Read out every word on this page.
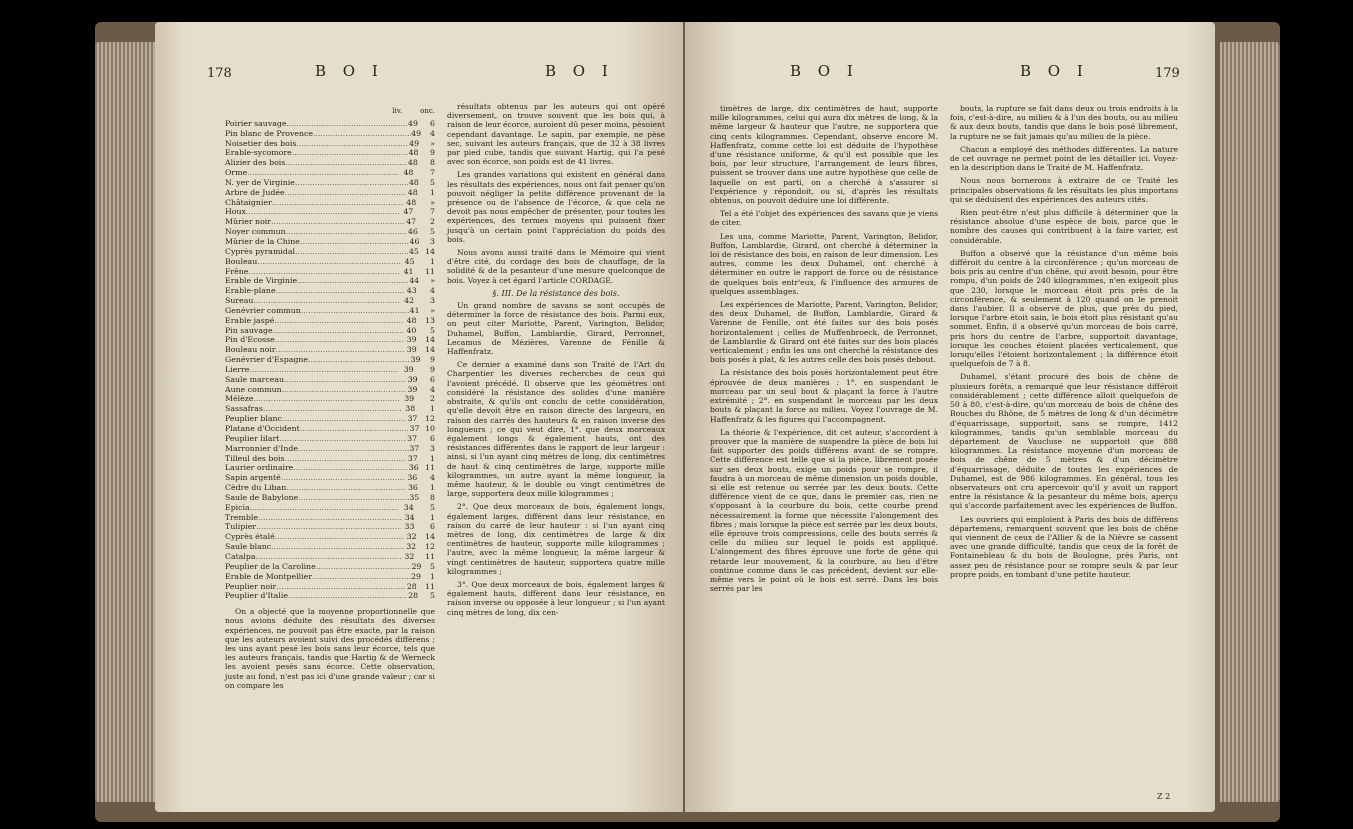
178	B O I	B O I
liv.	onc.
Poirier sauvage .....	49	6
Pin blanc de Provence .....	49	4
Noisetier des bois .....	49	»
Erable-sycomore .....	48	9
Alizier des bois .....	48	8
Orme .....	48	7
N. yer de Virginie .....	48	5
Arbre de Judée .....	48	1
Châtaignier .....	48	»
Houx .....	47	7
Mûrier noir .....	47	2
Noyer commun .....	46	5
Mûrier de la Chine .....	46	3
Cyprès pyramidal .....	45 14
Bouleau .....	45	1
Frêne .....	41	11
Erable de Virginie .....	44	»
Erable-plane .....	43	4
Sureau .....	42	3
Genévrier commun .....	41	»
Erable jaspé .....	48	13
Pin sauvage .....	40	5
Pin d'Ecosse .....	39	14
Bouleau noir .....	39	14
Genévrier d'Espagne .....	39	9
Lierre .....	39	9
Saule marceau .....	39	6
Aune commun .....	39	4
Mélèze .....	39	2
Sassafras .....	38	1
Peuplier blanc .....	37 12
Platane d'Occident .....	37 10
Peuplier lilart .....	37	6
Marronnier d'Inde .....	37	3
Tilleul des bois .....	37	1
Laurier ordinaire .....	36 11
Sapin argenté .....	36	4
Cèdre du Liban .....	36	1
Saule de Babylone .....	35	8
Epicia .....	34	5
Tremble .....	34	1
Tulipier .....	33	6
Cyprès étalé .....	32	14
Saule blanc .....	32	12
Catalpa .....	32	11
Peuplier de la Caroline .....	29	5
Erable de Montpellier .....	29	1
Peuplier noir .....	28	11
Peuplier d'Italie .....	28	5

On a objecté que la moyenne proportionnelle que nous avions déduite des résultats des diverses expériences, ne pouvoit pas être exacte, par la raison que les auteurs avoient suivi des procédés différens ; les uns ayant pesé les bois sans leur écorce, tels que les auteurs français, tandis que Hartig & de Werneck les avoient pesés sans écorce. Cette observation, juste au fond, n'est pas ici d'une grande valeur ; car si on compare les

résultats obtenus par les auteurs qui ont opéré diversement, on trouve souvent que les bois qui, à raison de leur écorce, auroient dû peser moins, pèsoient cependant davantage. Le sapin, par exemple, ne pèse sec, suivant les auteurs français, que de 32 à 38 livres par pied cube, tandis que suivant Hartig, qui l'a pesé avec son écorce, son poids est de 41 livres.

Les grandes variations qui existent en général dans les résultats des expériences, nous ont fait penser qu'on pouvoit négliger la petite différence provenant de la présence ou de l'absence de l'écorce, & que cela ne devoit pas nous empêcher de présenter, pour toutes les expériences, des termes moyens qui puissent fixer jusqu'à un certain point l'appréciation du poids des bois.

Nous avons aussi traité dans le Mémoire qui vient d'être cité, du cordage des bois de chauffage, de la solidité & de la pesanteur d'une mesure quelconque de bois. Voyez à cet égard l'article CORDAGE.

§. III. De la résistance des bois.

Un grand nombre de savans se sont occupés de déterminer la force de résistance des bois. Parmi eux, on peut citer Mariotte, Parent, Varington, Belidor, Duhamel, Buffon, Lamblardie, Girard, Perronnet, Lecamus de Mézières, Varenne de Fénille & Haffenfratz.

Ce dernier a examiné dans son Traité de l'Art du Charpentier les diverses recherches de ceux qui l'avoient précédé. Il observe que les géomètres ont considéré la résistance des solides d'une manière abstraite, & qu'ils ont conclu de cette considération, qu'elle devoit être en raison directe des largeurs, en raison des carrés des hauteurs & en raison inverse des longueurs ; ce qui veut dire, 1°. que deux morceaux également longs & également hauts, ont des résistances différentes dans le rapport de leur largeur : ainsi, si l'un ayant cinq mètres de long, dix centimètres de haut & cinq centimètres de large, supporte mille kilogrammes, un autre ayant la même longueur, la même hauteur, & le double ou vingt centimètres de large, supportera deux mille kilogrammes ;

2°. Que deux morceaux de bois, également longs, également larges, différent dans leur résistance, en raison du carré de leur hauteur : si l'un ayant cinq mètres de long, dix centimètres de large & dix centimètres de hauteur, supporte mille kilogrammes ; l'autre, avec la même longueur, la même largeur & vingt centimètres de hauteur, supportera quatre mille kilogrammes ;

3°. Que deux morceaux de bois, également larges & également hauts, diffèrent dans leur résistance, en raison inverse ou opposée à leur longueur ; si l'un ayant cinq mètres de long, dix cen-

B O I	B O I	179

timètres de large, dix centimètres de haut, supporte mille kilogrammes, celui qui aura dix mètres de long, & la même largeur & hauteur que l'autre, ne supportera que cinq cents kilogrammes. Cependant, observe encore M. Haffenfratz, comme cette loi est déduite de l'hypothèse d'une résistance uniforme, & qu'il est possible que les bois, par leur structure, l'arrangement de leurs fibres, puissent se trouver dans une autre hypothèse que celle de laquelle on est parti, on a cherché à s'assurer si l'expérience y répondoit, ou si, d'après les résultats obtenus, on pouvoit déduire une loi différente.

Tel a été l'objet des expériences des savans que je viens de citer.

Les uns, comme Mariotte, Parent, Varington, Belidor, Buffon, Lamblardie, Girard, ont cherché à déterminer la loi de résistance des bois, en raison de leur dimension. Les autres, comme les deux Duhamel, ont cherché à déterminer en outre le rapport de force ou de résistance de quelques bois entr'eux, & l'influence des armures de quelques assemblages.

Les expériences de Mariotte, Parent, Varington, Belidor, des deux Duhamel, de Buffon, Lamblardie, Girard & Varenne de Fenille, ont été faites sur des bois posés horizontalement ; celles de Muffenbroeck, de Perronnet, de Lamblardie & Girard ont été faites sur des bois placés verticalement ; enfin les uns ont cherché la résistance des bois posés à plat, & les autres celle des bois posés debout.

La résistance des bois posés horizontalement peut être éprouvée de deux manières : 1°. en suspendant le morceau par un seul bout & plaçant la force à l'autre extrémité ; 2°. en suspendant le morceau par les deux bouts & plaçant la force au milieu. Voyez l'ouvrage de M. Haffenfratz & les figures qui l'accompagnent.

La théorie & l'expérience, dit cet auteur, s'accordent à prouver que la manière de suspendre la pièce de bois lui fait supporter des poids différens avant de se rompre. Cette différence est telle que si la pièce, librement posée sur ses deux bouts, exige un poids pour se rompre, il faudra à un morceau de même dimension un poids double, si elle est retenue ou serrée par les deux bouts. Cette différence vient de ce que, dans le premier cas, rien ne s'opposant à la courbure du bois, cette courbe prend nécessairement la forme que nécessite l'alongement des fibres ; mais lorsque la pièce est serrée par les deux bouts, elle éprouve trois compressions, celle des bouts serrés & celle du milieu sur lequel le poids est appliqué. L'alongement des fibres éprouve une forte de gêne qui retarde leur mouvement, & la courbure, au lieu d'être continue comme dans le cas précédent, devient sur elle-même vers le point où le bois est serré. Dans les bois serrés par les

bouts, la rupture se fait dans deux ou trois endroits à la fois, c'est-à-dire, au milieu & à l'un des bouts, ou au milieu & aux deux bouts, tandis que dans le bois posé librement, la rupture ne se fait jamais qu'au milieu de la pièce.

Chacun a employé des méthodes différentes. La nature de cet ouvrage ne permet point de les détailler ici. Voyez-en la description dans le Traité de M. Haffenfratz.

Nous nous bornerons à extraire de ce Traité les principales observations & les résultats les plus importans qui se déduisent des expériences des auteurs cités.

Rien peut-être n'est plus difficile à déterminer que la résistance absolue d'une espèce de bois, parce que le nombre des causes qui contribuent à la faire varier, est considérable.

Buffon a observé que la résistance d'un même bois différoit du centre à la circonférence ; qu'un morceau de bois pris au centre d'un chêne, qui avoit besoin, pour être rompu, d'un poids de 240 kilogrammes, n'en exigeoit plus que 230, lorsque le morceau étoit pris près de la circonférence, & seulement à 120 quand on le prenoit dans l'aubier. Il a observé de plus, que près du pied, lorsque l'arbre étoit sain, le bois étoit plus résistant qu'au sommet. Enfin, il a observé qu'un morceau de bois carré, pris hors du centre de l'arbre, supportoit davantage, lorsque les couches étoient placées verticalement, que lorsqu'elles l'étoient horizontalement ; la différence étoit quelquefois de 7 à 8.

Duhamel, s'étant procuré des bois de chêne de plusieurs forêts, a remarqué que leur résistance différoit considérablement ; cette différence alloit quelquefois de 50 à 80, c'est-à-dire, qu'un morceau de bois de chêne des Bouches du Rhône, de 5 mètres de long & d'un décimètre d'équarrissage, supportoit, sans se rompre, 1412 kilogrammes, tandis qu'un semblable morceau du département de Vaucluse ne supportoit que 888 kilogrammes. La résistance moyenne d'un morceau de bois de chêne de 5 mètres & d'un décimètre d'équarrissage, déduite de toutes les expériences de Duhamel, est de 986 kilogrammes. En général, tous les observateurs ont cru apercevoir qu'il y avoit un rapport entre la résistance & la pesanteur du même bois, aperçu qui s'accorde parfaitement avec les expériences de Buffon.

Les ouvriers qui emploient à Paris des bois de différens départemens, remarquent souvent que les bois de chêne qui viennent de ceux de l'Allier & de la Nièvre se cassent avec une grande difficulté, tandis que ceux de la forêt de Fontainebleau & du bois de Boulogne, près Paris, ont assez peu de résistance pour se rompre seuls & par leur propre poids, en tombant d'une petite hauteur.

Z 2
